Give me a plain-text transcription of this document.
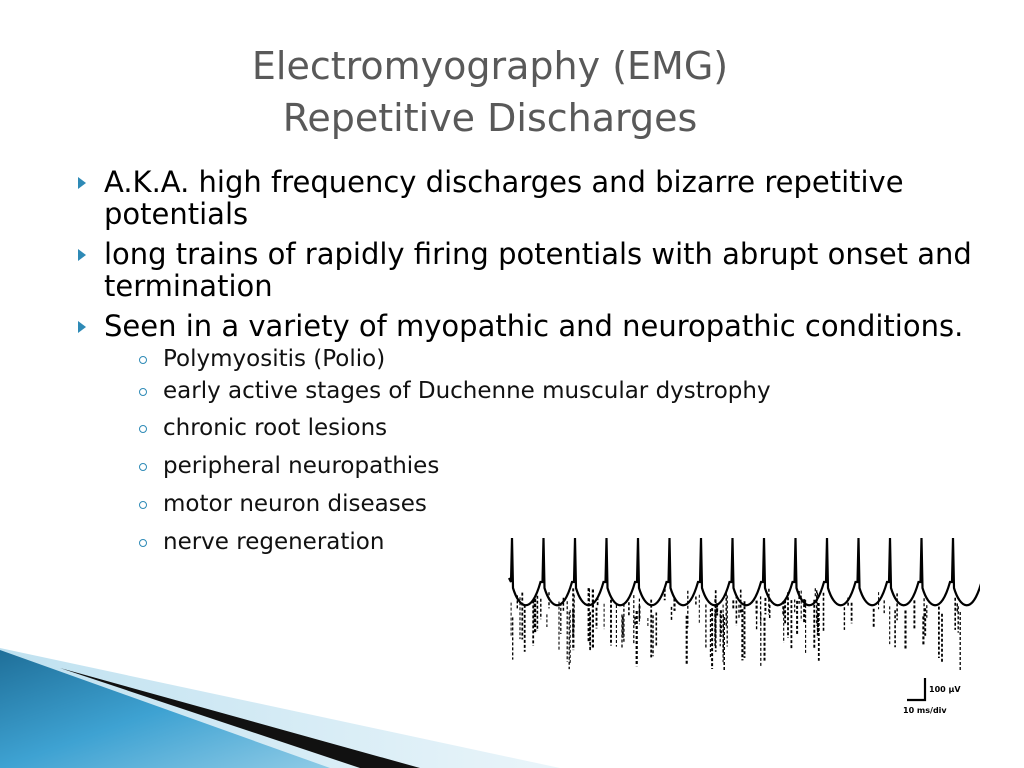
Electromyography (EMG)
Repetitive Discharges
A.K.A. high frequency discharges and bizarre repetitive potentials
long trains of rapidly firing potentials with abrupt onset and termination
Seen in a variety of myopathic and neuropathic conditions.
Polymyositis (Polio)
early active stages of Duchenne muscular dystrophy
chronic root lesions
peripheral neuropathies
motor neuron diseases
nerve regeneration
100 µV
10 ms/div
